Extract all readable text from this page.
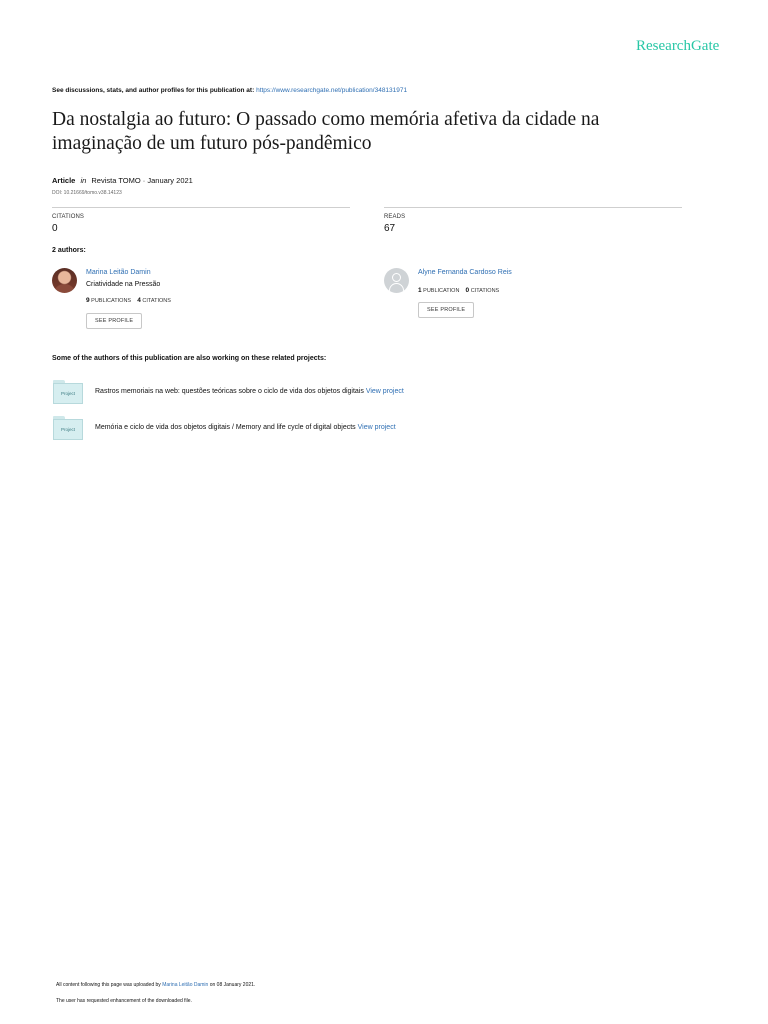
ResearchGate
See discussions, stats, and author profiles for this publication at: https://www.researchgate.net/publication/348131971
Da nostalgia ao futuro: O passado como memória afetiva da cidade na
imaginação de um futuro pós-pandêmico
Article in Revista TOMO · January 2021
DOI: 10.21669/tomo.v38.14123
CITATIONS
0
READS
67
2 authors:
Marina Leitão Damin
Criatividade na Pressão
9 PUBLICATIONS 4 CITATIONS
SEE PROFILE
Alyne Fernanda Cardoso Reis
1 PUBLICATION 0 CITATIONS
SEE PROFILE
Some of the authors of this publication are also working on these related projects:
Project	Rastros memoriais na web: questões teóricas sobre o ciclo de vida dos objetos digitais View project
Project	Memória e ciclo de vida dos objetos digitais / Memory and life cycle of digital objects View project
All content following this page was uploaded by Marina Leitão Damin on 08 January 2021.
The user has requested enhancement of the downloaded file.
